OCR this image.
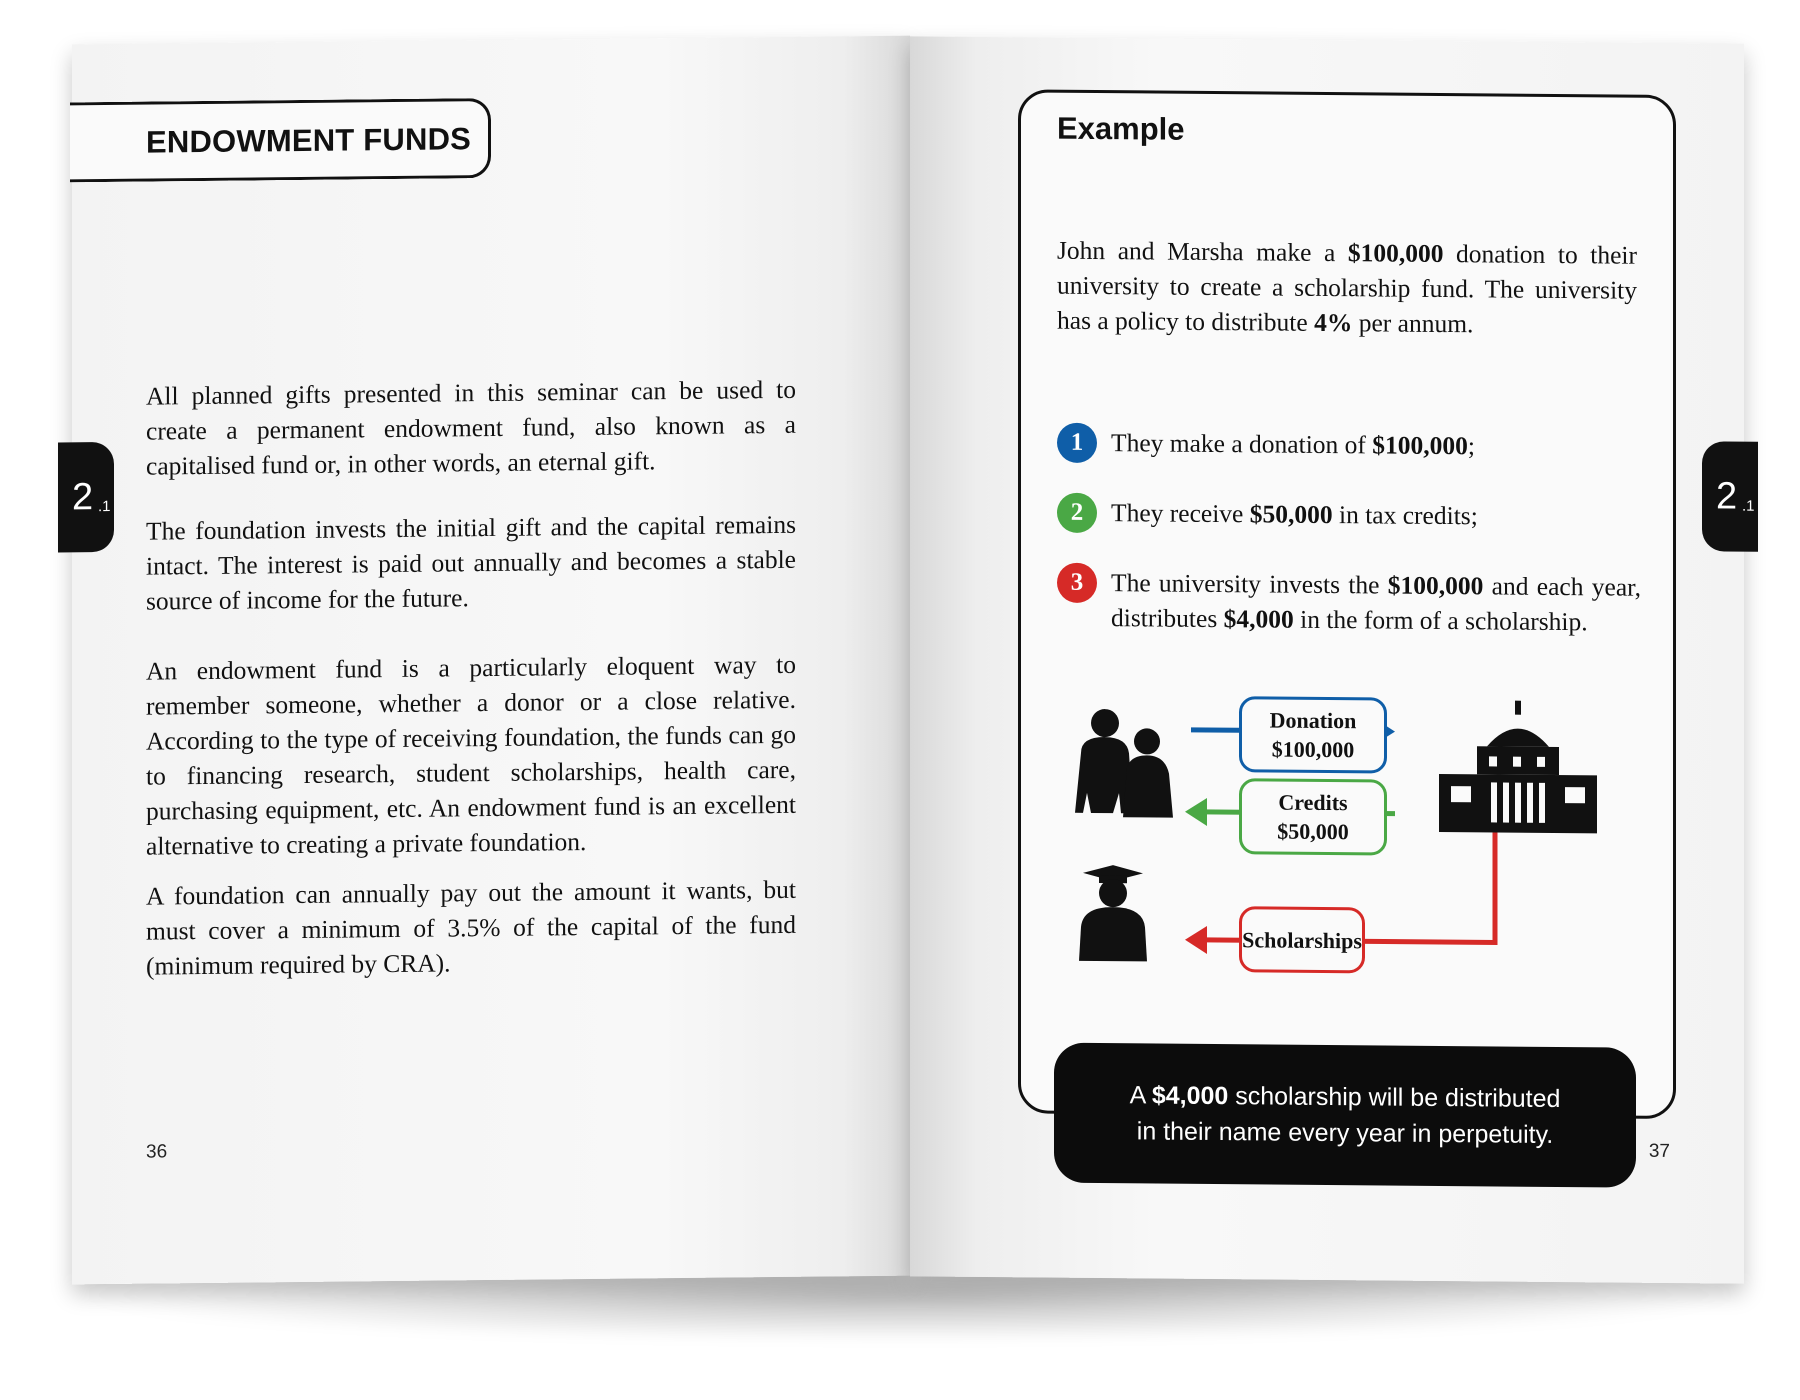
ENDOWMENT FUNDS
2 .1

All planned gifts presented in this seminar can be used to create a permanent endowment fund, also known as a capitalised fund or, in other words, an eternal gift.

The foundation invests the initial gift and the capital remains intact. The interest is paid out annually and becomes a stable source of income for the future.

An endowment fund is a particularly eloquent way to remember someone, whether a donor or a close relative. According to the type of receiving foundation, the funds can go to financing research, student scholarships, health care, purchasing equipment, etc. An endowment fund is an excellent alternative to creating a private foundation.

A foundation can annually pay out the amount it wants, but must cover a minimum of 3.5% of the capital of the fund (minimum required by CRA).

36
2 .1
Example

John and Marsha make a $100,000 donation to their university to create a scholarship fund. The university has a policy to distribute 4% per annum.

1	They make a donation of $100,000;
2	They receive $50,000 in tax credits;
3	The university invests the $100,000 and each year, distributes $4,000 in the form of a scholarship.
Donation
$100,000
Credits
$50,000
Scholarships
A $4,000 scholarship will be distributed
in their name every year in perpetuity.
37
